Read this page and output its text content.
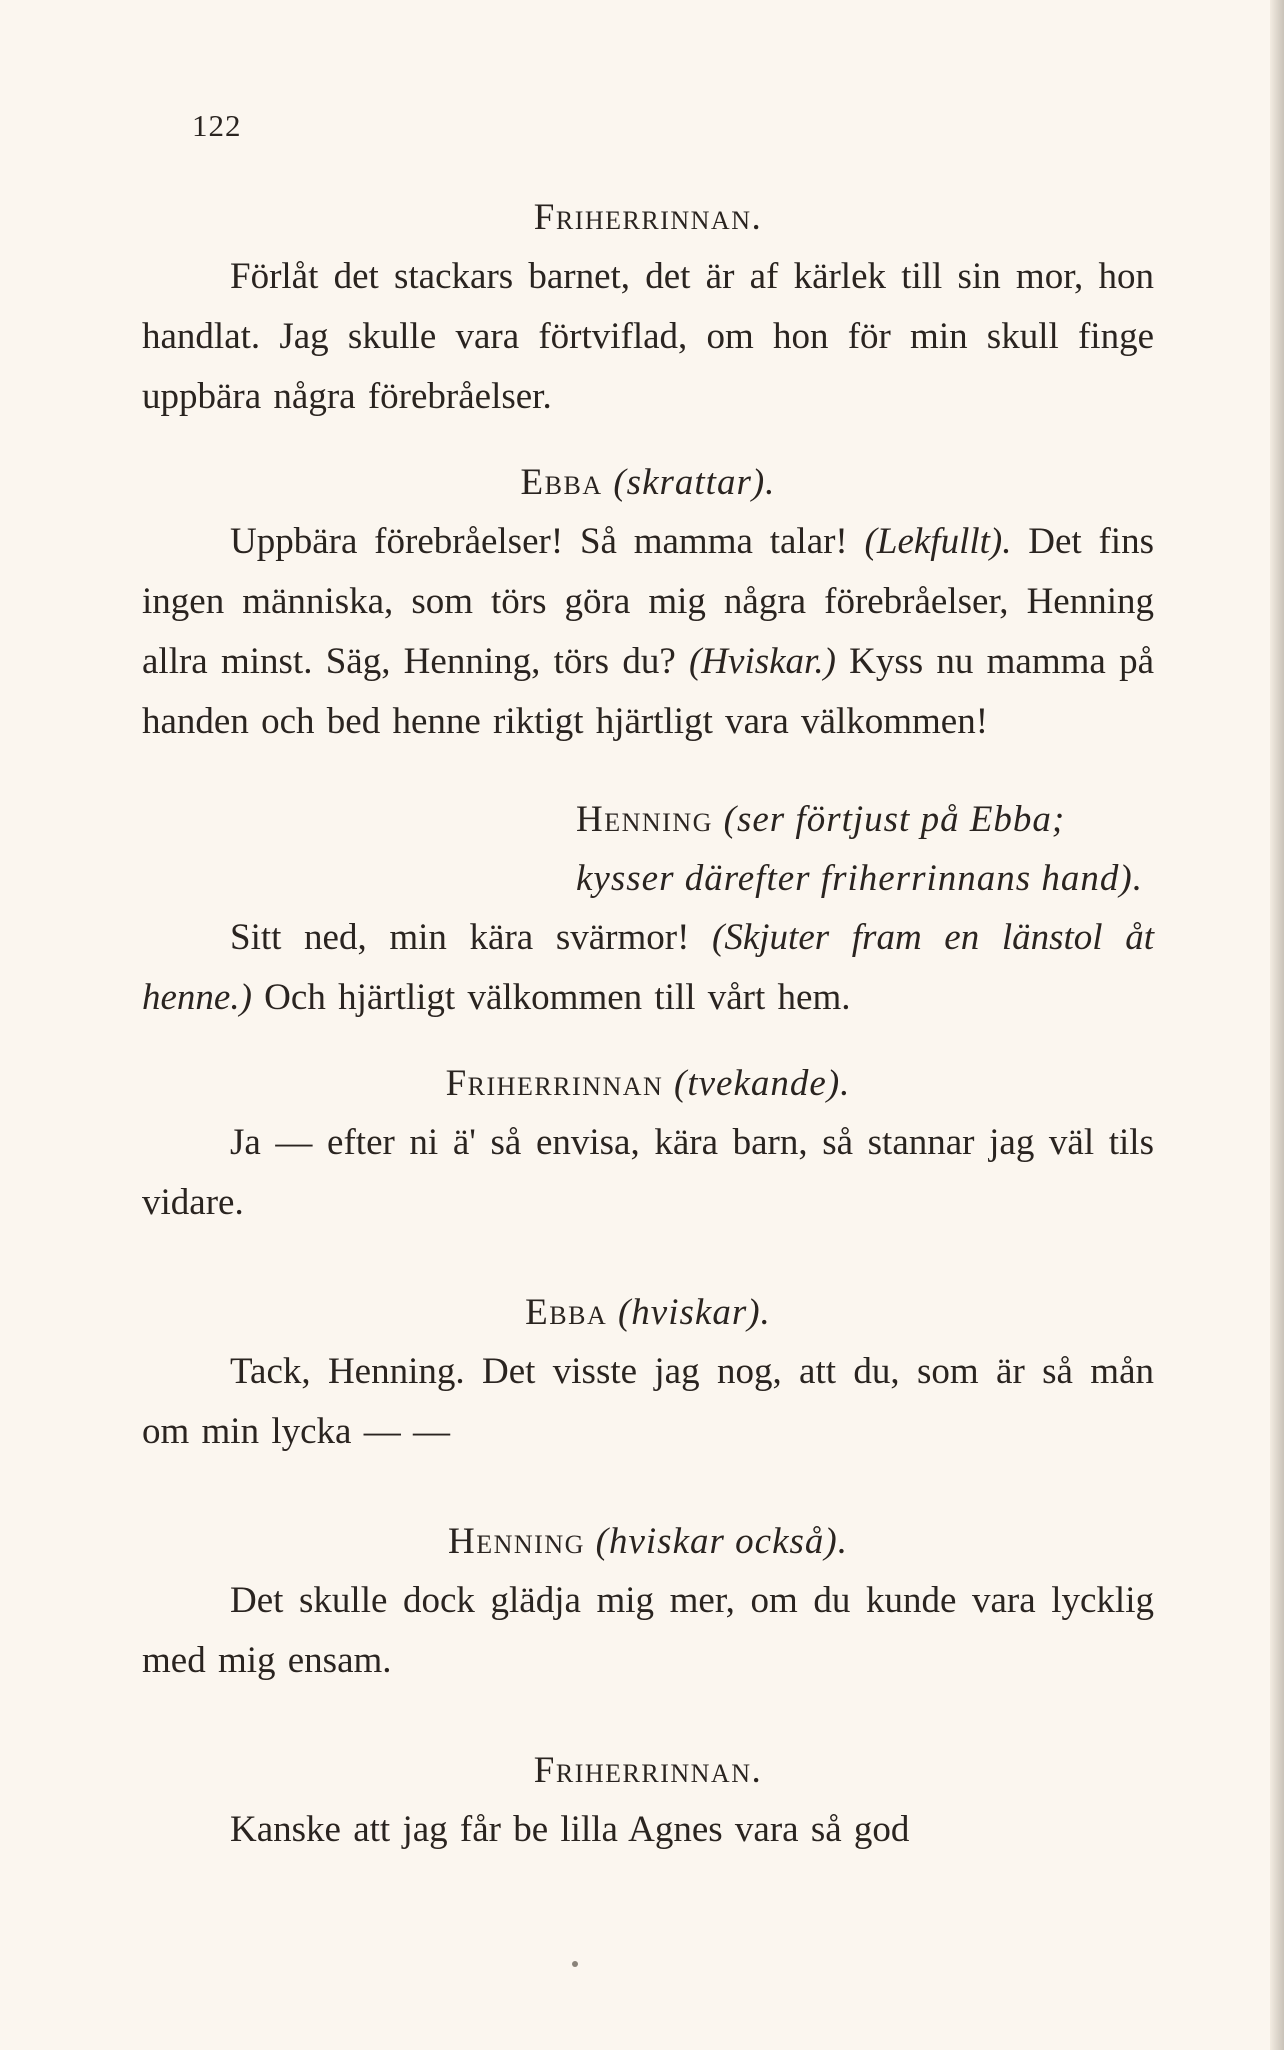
122
Friherrinnan.
Förlåt det stackars barnet, det är af kärlek till sin mor, hon handlat. Jag skulle vara förtviflad, om hon för min skull finge uppbära några förebråelser.
Ebba (skrattar).
Uppbära förebråelser! Så mamma talar! (Lekfullt). Det fins ingen människa, som törs göra mig några förebråelser, Henning allra minst. Säg, Henning, törs du? (Hviskar.) Kyss nu mamma på handen och bed henne riktigt hjärtligt vara välkommen!
Henning (ser förtjust på Ebba; kysser därefter friherrinnans hand).
Sitt ned, min kära svärmor! (Skjuter fram en länstol åt henne.) Och hjärtligt välkommen till vårt hem.
Friherrinnan (tvekande).
Ja — efter ni ä' så envisa, kära barn, så stannar jag väl tils vidare.
Ebba (hviskar).
Tack, Henning. Det visste jag nog, att du, som är så mån om min lycka — —
Henning (hviskar också).
Det skulle dock glädja mig mer, om du kunde vara lycklig med mig ensam.
Friherrinnan.
Kanske att jag får be lilla Agnes vara så god
